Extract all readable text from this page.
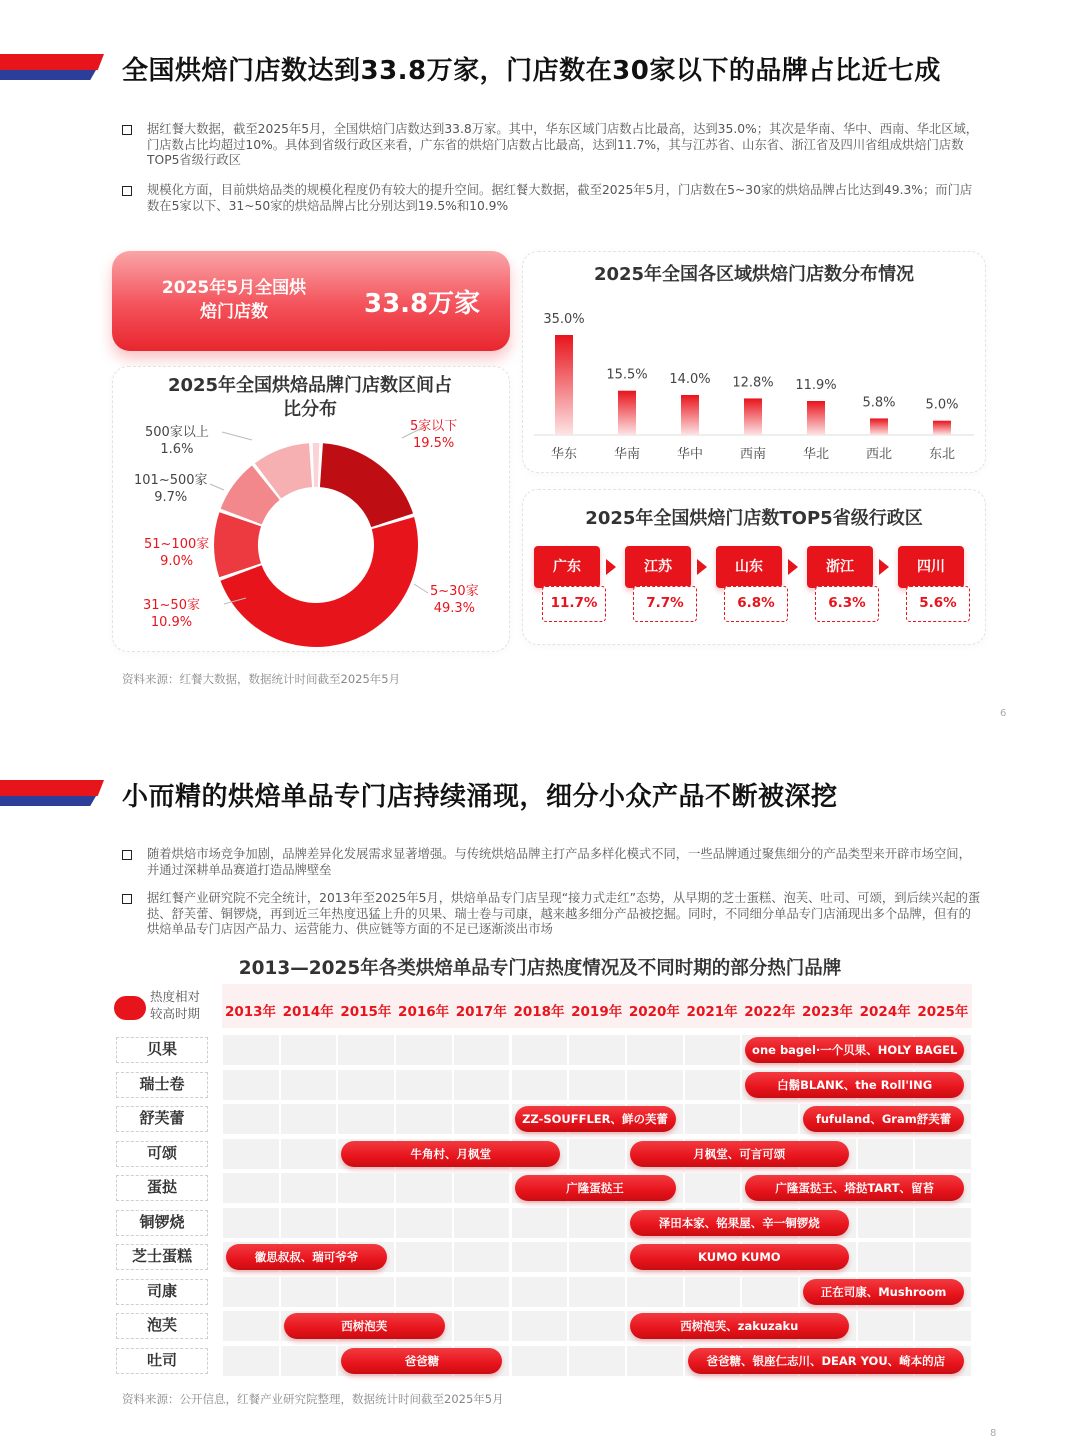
全国烘焙门店数达到33.8万家，门店数在30家以下的品牌占比近七成
据红餐大数据，截至2025年5月，全国烘焙门店数达到33.8万家。其中，华东区域门店数占比最高，达到35.0%；其次是华南、华中、西南、华北区域，门店数占比均超过10%。具体到省级行政区来看，广东省的烘焙门店数占比最高，达到11.7%，其与江苏省、山东省、浙江省及四川省组成烘焙门店数TOP5省级行政区
规模化方面，目前烘焙品类的规模化程度仍有较大的提升空间。据红餐大数据，截至2025年5月，门店数在5~30家的烘焙品牌占比达到49.3%；而门店数在5家以下、31~50家的烘焙品牌占比分别达到19.5%和10.9%
2025年5月全国烘焙门店数	33.8万家
2025年全国烘焙品牌门店数区间占比分布
500家以上
1.6%
101~500家
9.7%
51~100家
9.0%
31~50家
10.9%
5家以下
19.5%
5~30家
49.3%
2025年全国各区域烘焙门店数分布情况
35.0%
华东
15.5%
华南
14.0%
华中
12.8%
西南
11.9%
华北
5.8%
西北
5.0%
东北
2025年全国烘焙门店数TOP5省级行政区
广东
11.7%
江苏
7.7%
山东
6.8%
浙江
6.3%
四川
5.6%
资料来源：红餐大数据，数据统计时间截至2025年5月
6
小而精的烘焙单品专门店持续涌现，细分小众产品不断被深挖
随着烘焙市场竞争加剧，品牌差异化发展需求显著增强。与传统烘焙品牌主打产品多样化模式不同，一些品牌通过聚焦细分的产品类型来开辟市场空间，并通过深耕单品赛道打造品牌壁垒
据红餐产业研究院不完全统计，2013年至2025年5月，烘焙单品专门店呈现“接力式走红”态势，从早期的芝士蛋糕、泡芙、吐司、可颂，到后续兴起的蛋挞、舒芙蕾、铜锣烧，再到近三年热度迅猛上升的贝果、瑞士卷与司康，越来越多细分产品被挖掘。同时，不同细分单品专门店涌现出多个品牌，但有的烘焙单品专门店因产品力、运营能力、供应链等方面的不足已逐渐淡出市场
2013—2025年各类烘焙单品专门店热度情况及不同时期的部分热门品牌
热度相对较高时期	2013年 2014年 2015年 2016年 2017年 2018年 2019年 2020年 2021年 2022年 2023年 2024年 2025年
贝果	one bagel·一个贝果、HOLY BAGEL
瑞士卷	白鬍BLANK、the Roll'ING
舒芙蕾	ZZ-SOUFFLER、鲜の芙蕾	fufuland、Gram舒芙蕾
可颂	牛角村、月枫堂	月枫堂、可言可颂
蛋挞	广隆蛋挞王	广隆蛋挞王、塔挞TART、留苔
铜锣烧	泽田本家、铭果屋、辛一铜锣烧
芝士蛋糕	徽思叔叔、瑞可爷爷	KUMO KUMO
司康	正在司康、Mushroom
泡芙	西树泡芙	西树泡芙、zakuzaku
吐司	爸爸糖	爸爸糖、银座仁志川、DEAR YOU、崎本的店
资料来源：公开信息，红餐产业研究院整理，数据统计时间截至2025年5月
8
